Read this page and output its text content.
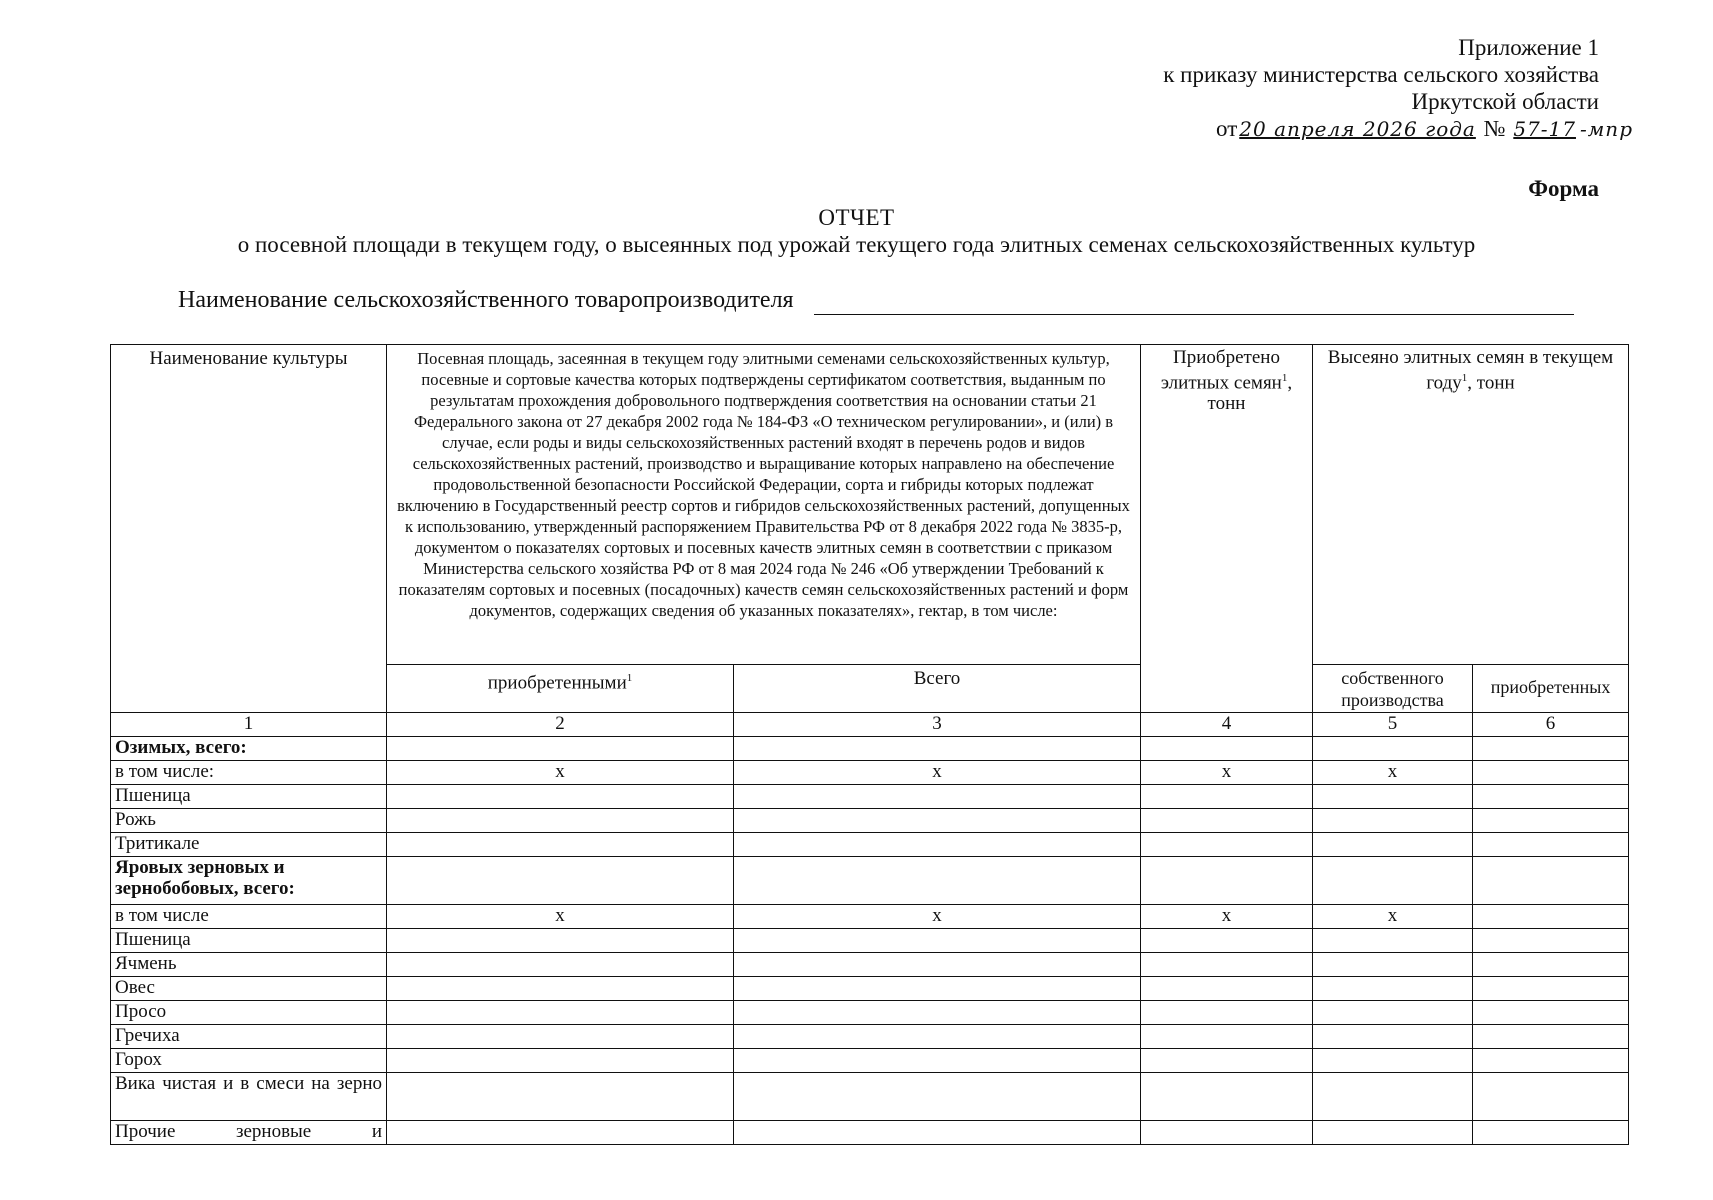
Приложение 1
к приказу министерства сельского хозяйства
Иркутской области
от 20 апреля 2026 года № 57-17 -мпр
Форма
ОТЧЕТ
о посевной площади в текущем году, о высеянных под урожай текущего года элитных семенах сельскохозяйственных культур
Наименование сельскохозяйственного товаропроизводителя
Наименование культуры	Посевная площадь, засеянная в текущем году элитными семенами сельскохозяйственных культур, посевные и сортовые качества которых подтверждены сертификатом соответствия, выданным по результатам прохождения добровольного подтверждения соответствия на основании статьи 21 Федерального закона от 27 декабря 2002 года № 184-ФЗ «О техническом регулировании», и (или) в случае, если роды и виды сельскохозяйственных растений входят в перечень родов и видов сельскохозяйственных растений, производство и выращивание которых направлено на обеспечение продовольственной безопасности Российской Федерации, сорта и гибриды которых подлежат включению в Государственный реестр сортов и гибридов сельскохозяйственных растений, допущенных к использованию, утвержденный распоряжением Правительства РФ от 8 декабря 2022 года № 3835-р, документом о показателях сортовых и посевных качеств элитных семян в соответствии с приказом Министерства сельского хозяйства РФ от 8 мая 2024 года № 246 «Об утверждении Требований к показателям сортовых и посевных (посадочных) качеств семян сельскохозяйственных растений и форм документов, содержащих сведения об указанных показателях», гектар, в том числе:		Приобретено элитных семян$^1$, тонн	Высеяно элитных семян в текущем году$^1$, тонн	
	приобретенными$^1$	Всего		собственного производства	приобретенных
1	2	3	4	5	6
Озимых, всего:					
в том числе:	x	x	x	x	
Пшеница					
Рожь					
Тритикале					
Яровых зерновых и зернобобовых, всего:					
в том числе	x	x	x	x	
Пшеница					
Ячмень					
Овес					
Просо					
Гречиха					
Горох					
Вика чистая и в смеси на зерно					
Прочие зерновые и					
